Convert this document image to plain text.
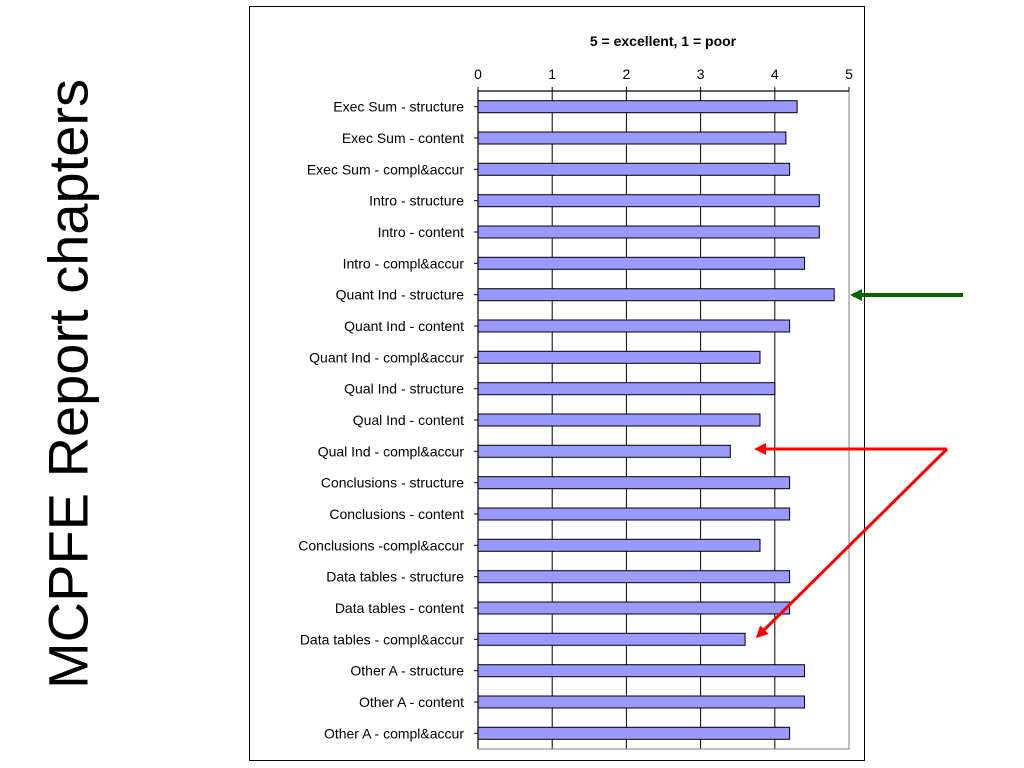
MCPFE Report chapters
5 = excellent, 1 = poor
0	1	2	3	4	5
Exec Sum - structure
Exec Sum - content
Exec Sum - compl&accur
Intro - structure
Intro - content
Intro - compl&accur
Quant Ind - structure
Quant Ind - content
Quant Ind - compl&accur
Qual Ind - structure
Qual Ind - content
Qual Ind - compl&accur
Conclusions - structure
Conclusions - content
Conclusions -compl&accur
Data tables - structure
Data tables - content
Data tables - compl&accur
Other A - structure
Other A - content
Other A - compl&accur
